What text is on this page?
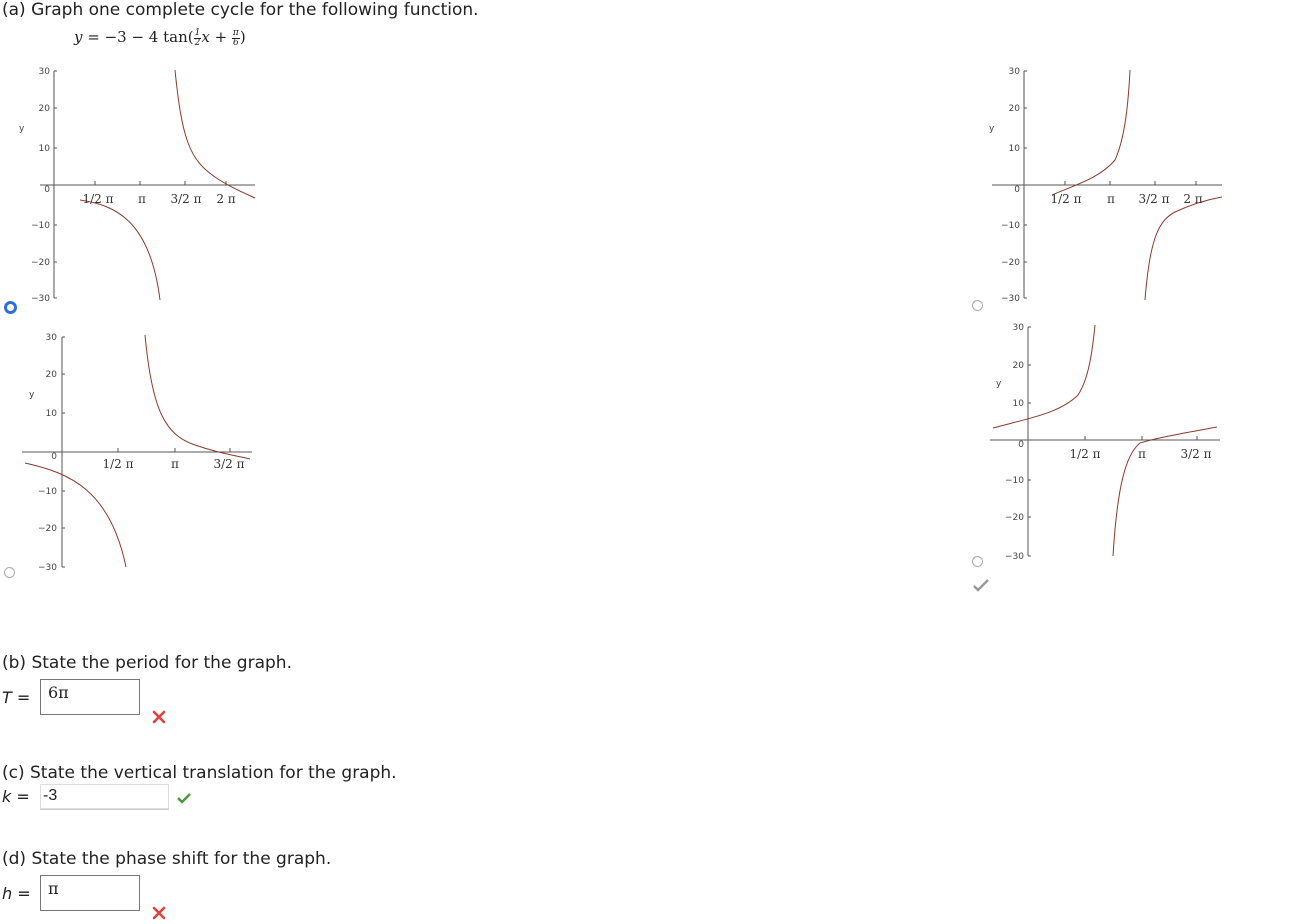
(a) Graph one complete cycle for the following function.
y = −3 − 4 $\tan( \frac{1}{2}$ $x + \frac{\pi}{6}$ )
y
30
20
10
0
−10
−20
−30
1/2 π π 3/2 π 2 π
y
30
20
10
0
−10
−20
−30
1/2 π π 3/2 π 2 π
y
30
20
10
0
−10
−20
−30
1/2 π	π	3/2 π
y
30
20
10
0
−10
−20
−30
1/2 π	π	3/2 π
(b) State the period for the graph.
T =	6π
(c) State the vertical translation for the graph.
k = -3
(d) State the phase shift for the graph.
h =	π
